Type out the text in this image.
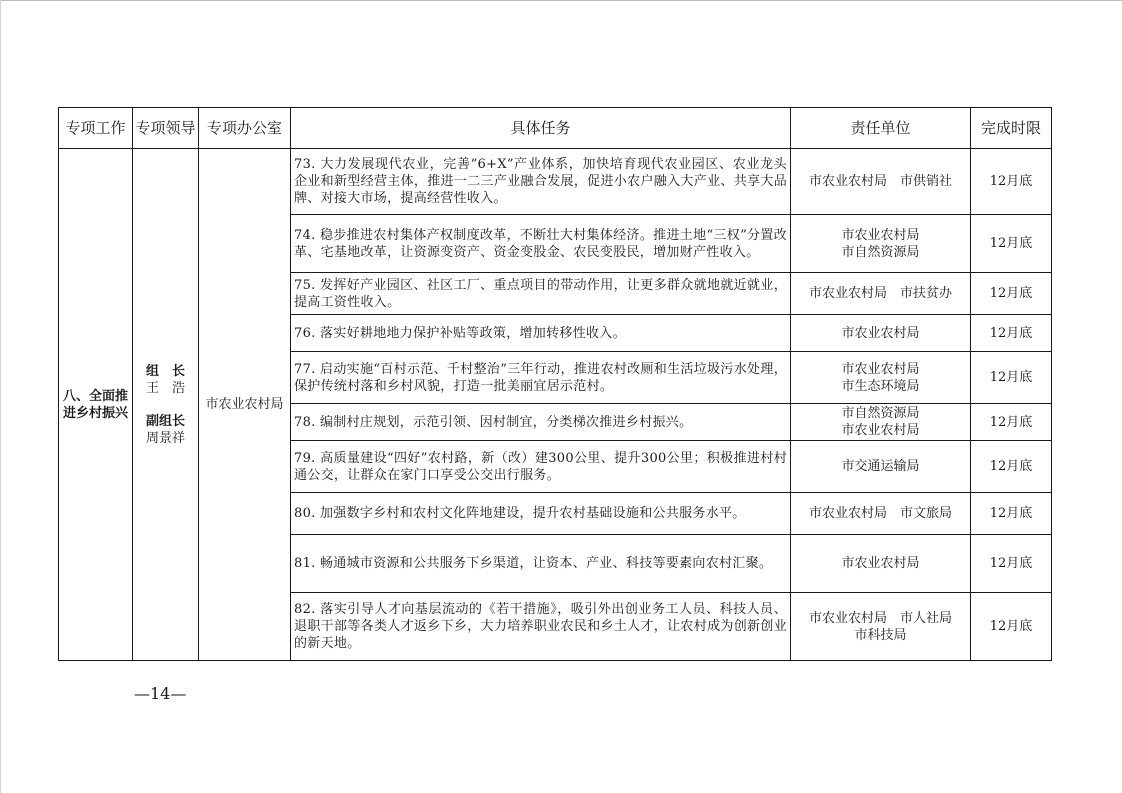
专项工作	专项领导	专项办公室	具体任务	责任单位	完成时限
八、全面推进乡村振兴	组　长
王　浩
副组长
周景祥	市农业农村局	73. 大力发展现代农业，完善“6+X”产业体系，加快培育现代农业园区、农业龙头企业和新型经营主体，推进一二三产业融合发展，促进小农户融入大产业、共享大品牌、对接大市场，提高经营性收入。	市农业农村局　市供销社	12月底
			74. 稳步推进农村集体产权制度改革，不断壮大村集体经济。推进土地“三权”分置改革、宅基地改革，让资源变资产、资金变股金、农民变股民，增加财产性收入。	市农业农村局
市自然资源局	12月底
			75. 发挥好产业园区、社区工厂、重点项目的带动作用，让更多群众就地就近就业，提高工资性收入。	市农业农村局　市扶贫办	12月底
			76. 落实好耕地地力保护补贴等政策，增加转移性收入。	市农业农村局	12月底
			77. 启动实施“百村示范、千村整治”三年行动，推进农村改厕和生活垃圾污水处理，保护传统村落和乡村风貌，打造一批美丽宜居示范村。	市农业农村局
市生态环境局	12月底
			78. 编制村庄规划，示范引领、因村制宜，分类梯次推进乡村振兴。	市自然资源局
市农业农村局	12月底
			79. 高质量建设“四好”农村路，新（改）建300公里、提升300公里；积极推进村村通公交，让群众在家门口享受公交出行服务。	市交通运输局	12月底
			80. 加强数字乡村和农村文化阵地建设，提升农村基础设施和公共服务水平。	市农业农村局　市文旅局	12月底
			81. 畅通城市资源和公共服务下乡渠道，让资本、产业、科技等要素向农村汇聚。	市农业农村局	12月底
			82. 落实引导人才向基层流动的《若干措施》，吸引外出创业务工人员、科技人员、退职干部等各类人才返乡下乡，大力培养职业农民和乡土人才，让农村成为创新创业的新天地。	市农业农村局　市人社局
市科技局	12月底
—14—
